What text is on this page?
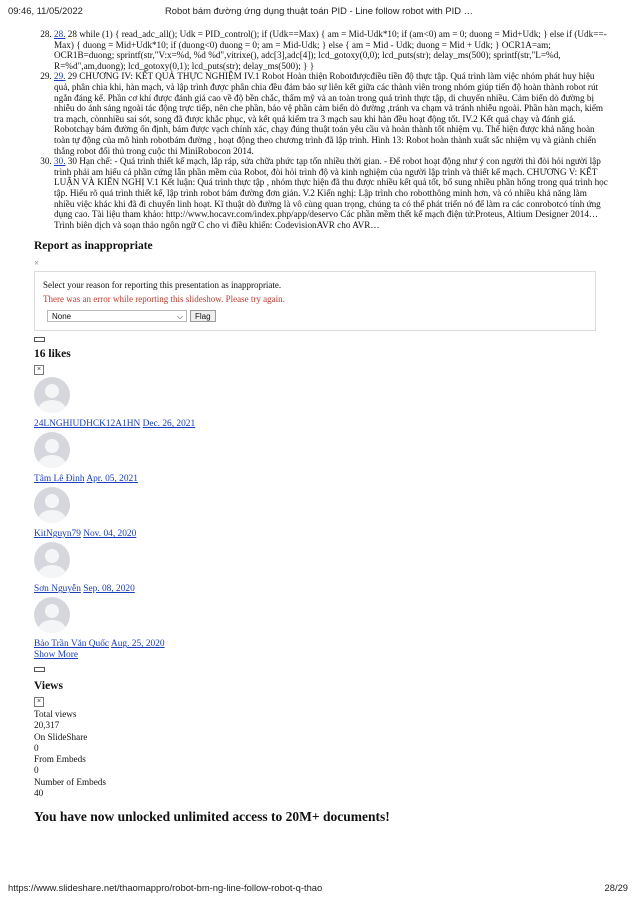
09:46, 11/05/2022	Robot bám đường ứng dụng thuật toán PID - Line follow robot with PID …
28. 28. 28 while (1) { read_adc_all(); Udk = PID_control(); if (Udk==Max) { am = Mid-Udk*10; if (am<0) am = 0; duong = Mid+Udk; } else if (Udk==-Max) { duong = Mid+Udk*10; if (duong<0) duong = 0; am = Mid-Udk; } else { am = Mid - Udk; duong = Mid + Udk; } OCR1A=am; OCR1B=duong; sprintf(str,"V:x=%d, %d %d",vitrixe(), adc[3],adc[4]); lcd_gotoxy(0,0); lcd_puts(str); delay_ms(500); sprintf(str,"L=%d, R=%d",am,duong); lcd_gotoxy(0,1); lcd_puts(str); delay_ms(500); } }
29. 29. 29 CHƯƠNG IV: KẾT QUẢ THỰC NGHIỆM IV.1 Robot Hoàn thiện Robotđượcđiều tiền độ thực tập. Quá trình làm việc nhóm phát huy hiệu quả, phân chia khi, hàn mạch, và lập trình được phân chia đều đảm bảo sự liên kết giữa các thành viên trong nhóm giúp tiến độ hoàn thành robot rút ngắn đáng kể. Phần cơ khí được đánh giá cao về độ bền chắc, thẩm mỹ và an toàn trong quá trình thực tập, di chuyển nhiều. Cảm biến dò đường bị nhiễu do ánh sáng ngoài tác động trực tiếp, nên che phần, bảo vệ phần cảm biến dò đường ,tránh va chạm và tránh nhiễu ngoài. Phần hàn mạch, kiểm tra mạch, cònnhiều sai sót, song đã được khắc phục, và kết quả kiểm tra 3 mạch sau khi hàn đều hoạt động tốt. IV.2 Kết quả chạy và đánh giá. Robotchạy bám đường ổn định, bám được vạch chính xác, chạy đúng thuật toán yêu cầu và hoàn thành tốt nhiệm vụ. Thể hiện được khả năng hoàn toàn tự động của mô hình robotbám đường , hoạt động theo chương trình đã lập trình. Hình 13: Robot hoàn thành xuất sắc nhiệm vụ và giành chiến thắng robot đối thủ trong cuộc thi MiniRobocon 2014.
30. 30. 30 Hạn chế: - Quá trình thiết kế mạch, lắp ráp, sửa chữa phức tạp tốn nhiều thời gian. - Để robot hoạt động như ý con người thì đòi hỏi người lập trình phải am hiểu cả phần cứng lẫn phần mềm của Robot, đòi hỏi trình độ và kinh nghiệm của người lập trình và thiết kế mạch. CHƯƠNG V: KẾT LUẬN VÀ KIẾN NGHỊ V.1 Kết luận: Quá trình thực tập , nhóm thực hiện đã thu được nhiều kết quả tốt, bổ sung nhiều phần hổng trong quá trình học tập. Hiểu rõ quá trình thiết kế, lập trình robot bám đường đơn giản. V.2 Kiến nghị: Lập trình cho robotthông minh hơn, và có nhiều khả năng làm nhiều việc khác khi đã đi chuyển linh hoạt. Kĩ thuật dò đường là vô cùng quan trọng, chúng ta có thể phát triển nó để làm ra các conrobotcó tính ứng dụng cao. Tài liệu tham khảo: http://www.hocavr.com/index.php/app/deservo Các phần mềm thết kế mạch điện tử:Proteus, Altium Designer 2014… Trình biên dịch và soạn thảo ngôn ngữ C cho vi điều khiển: CodevisionAVR cho AVR…
Report as inappropriate
×
Select your reason for reporting this presentation as inappropriate.
There was an error while reporting this slideshow. Please try again.
None	⌵	Flag
16 likes
×
24LNGHIUDHCK12A1HN Dec. 26, 2021
Tâm Lê Đình Apr. 05, 2021
KitNguyn79 Nov. 04, 2020
Sơn Nguyễn Sep. 08, 2020
Bảo Trần Văn Quốc Aug. 25, 2020
Show More
Views
×
Total views
20,317
On SlideShare
0
From Embeds
0
Number of Embeds
40
You have now unlocked unlimited access to 20M+ documents!
https://www.slideshare.net/thaomappro/robot-bm-ng-line-follow-robot-q-thao	28/29
